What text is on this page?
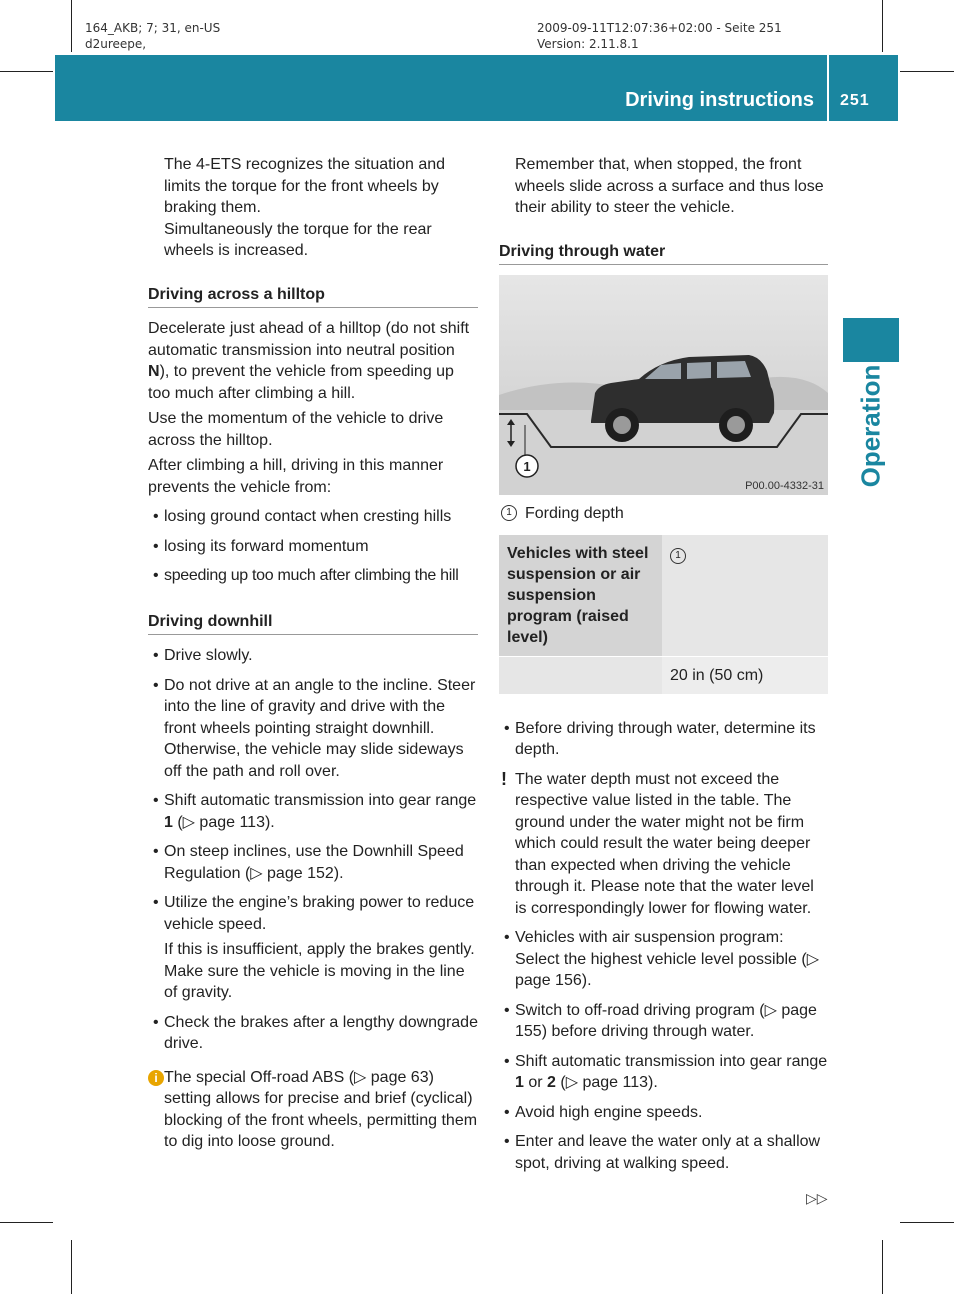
164_AKB; 7; 31, en-US
d2ureepe,
2009-09-11T12:07:36+02:00 - Seite 251
Version: 2.11.8.1
Driving instructions 251
Operation
The 4-ETS recognizes the situation and limits the torque for the front wheels by braking them.
Simultaneously the torque for the rear wheels is increased.
Driving across a hilltop

Decelerate just ahead of a hilltop (do not shift automatic transmission into neutral position N), to prevent the vehicle from speeding up too much after climbing a hill.

Use the momentum of the vehicle to drive across the hilltop.

After climbing a hill, driving in this manner prevents the vehicle from:

• losing ground contact when cresting hills
• losing its forward momentum
• speeding up too much after climbing the hill
Driving downhill
• Drive slowly.
• Do not drive at an angle to the incline. Steer into the line of gravity and drive with the front wheels pointing straight downhill. Otherwise, the vehicle may slide sideways off the path and roll over.
• Shift automatic transmission into gear range 1 (▷ page 113).
• On steep inclines, use the Downhill Speed Regulation (▷ page 152).
• Utilize the engine’s braking power to reduce vehicle speed.
If this is insufficient, apply the brakes gently. Make sure the vehicle is moving in the line of gravity.
• Check the brakes after a lengthy downgrade drive.
i The special Off-road ABS (▷ page 63) setting allows for precise and brief (cyclical) blocking of the front wheels, permitting them to dig into loose ground.
Remember that, when stopped, the front wheels slide across a surface and thus lose their ability to steer the vehicle.
Driving through water
1
P00.00-4332-31
1 Fording depth
Vehicles with steel suspension or air suspension program (raised level)	1
	20 in (50 cm)
• Before driving through water, determine its depth.
! The water depth must not exceed the respective value listed in the table. The ground under the water might not be firm which could result the water being deeper than expected when driving the vehicle through it. Please note that the water level is correspondingly lower for flowing water.
• Vehicles with air suspension program: Select the highest vehicle level possible (▷ page 156).
• Switch to off-road driving program (▷ page 155) before driving through water.
• Shift automatic transmission into gear range 1 or 2 (▷ page 113).
• Avoid high engine speeds.
• Enter and leave the water only at a shallow spot, driving at walking speed.
▷▷
